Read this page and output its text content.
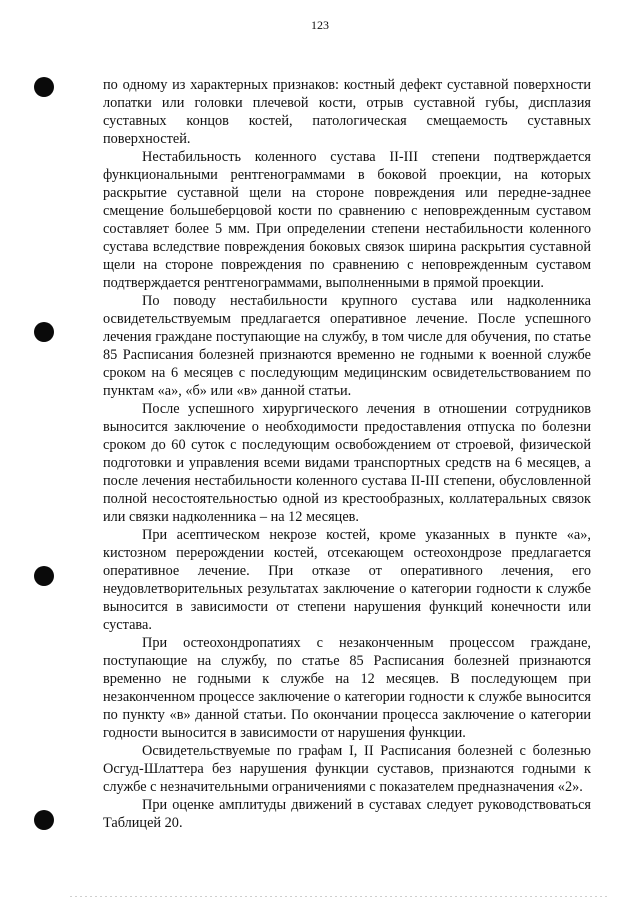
123

по одному из характерных признаков: костный дефект суставной поверхности лопатки или головки плечевой кости, отрыв суставной губы, дисплазия суставных концов костей, патологическая смещаемость суставных поверхностей.

Нестабильность коленного сустава II-III степени подтверждается функциональными рентгенограммами в боковой проекции, на которых раскрытие суставной щели на стороне повреждения или передне-заднее смещение большеберцовой кости по сравнению с неповрежденным суставом составляет более 5 мм. При определении степени нестабильности коленного сустава вследствие повреждения боковых связок ширина раскрытия суставной щели на стороне повреждения по сравнению с неповрежденным суставом подтверждается рентгенограммами, выполненными в прямой проекции.

По поводу нестабильности крупного сустава или надколенника освидетельствуемым предлагается оперативное лечение. После успешного лечения граждане поступающие на службу, в том числе для обучения, по статье 85 Расписания болезней признаются временно не годными к военной службе сроком на 6 месяцев с последующим медицинским освидетельствованием по пунктам «а», «б» или «в» данной статьи.

После успешного хирургического лечения в отношении сотрудников выносится заключение о необходимости предоставления отпуска по болезни сроком до 60 суток с последующим освобождением от строевой, физической подготовки и управления всеми видами транспортных средств на 6 месяцев, а после лечения нестабильности коленного сустава II-III степени, обусловленной полной несостоятельностью одной из крестообразных, коллатеральных связок или связки надколенника – на 12 месяцев.

При асептическом некрозе костей, кроме указанных в пункте «а», кистозном перерождении костей, отсекающем остеохондрозе предлагается оперативное лечение. При отказе от оперативного лечения, его неудовлетворительных результатах заключение о категории годности к службе выносится в зависимости от степени нарушения функций конечности или сустава.

При остеохондропатиях с незаконченным процессом граждане, поступающие на службу, по статье 85 Расписания болезней признаются временно не годными к службе на 12 месяцев. В последующем при незаконченном процессе заключение о категории годности к службе выносится по пункту «в» данной статьи. По окончании процесса заключение о категории годности выносится в зависимости от нарушения функции.

Освидетельствуемые по графам I, II Расписания болезней с болезнью Осгуд-Шлаттера без нарушения функции суставов, признаются годными к службе с незначительными ограничениями с показателем предназначения «2».

При оценке амплитуды движений в суставах следует руководствоваться Таблицей 20.
